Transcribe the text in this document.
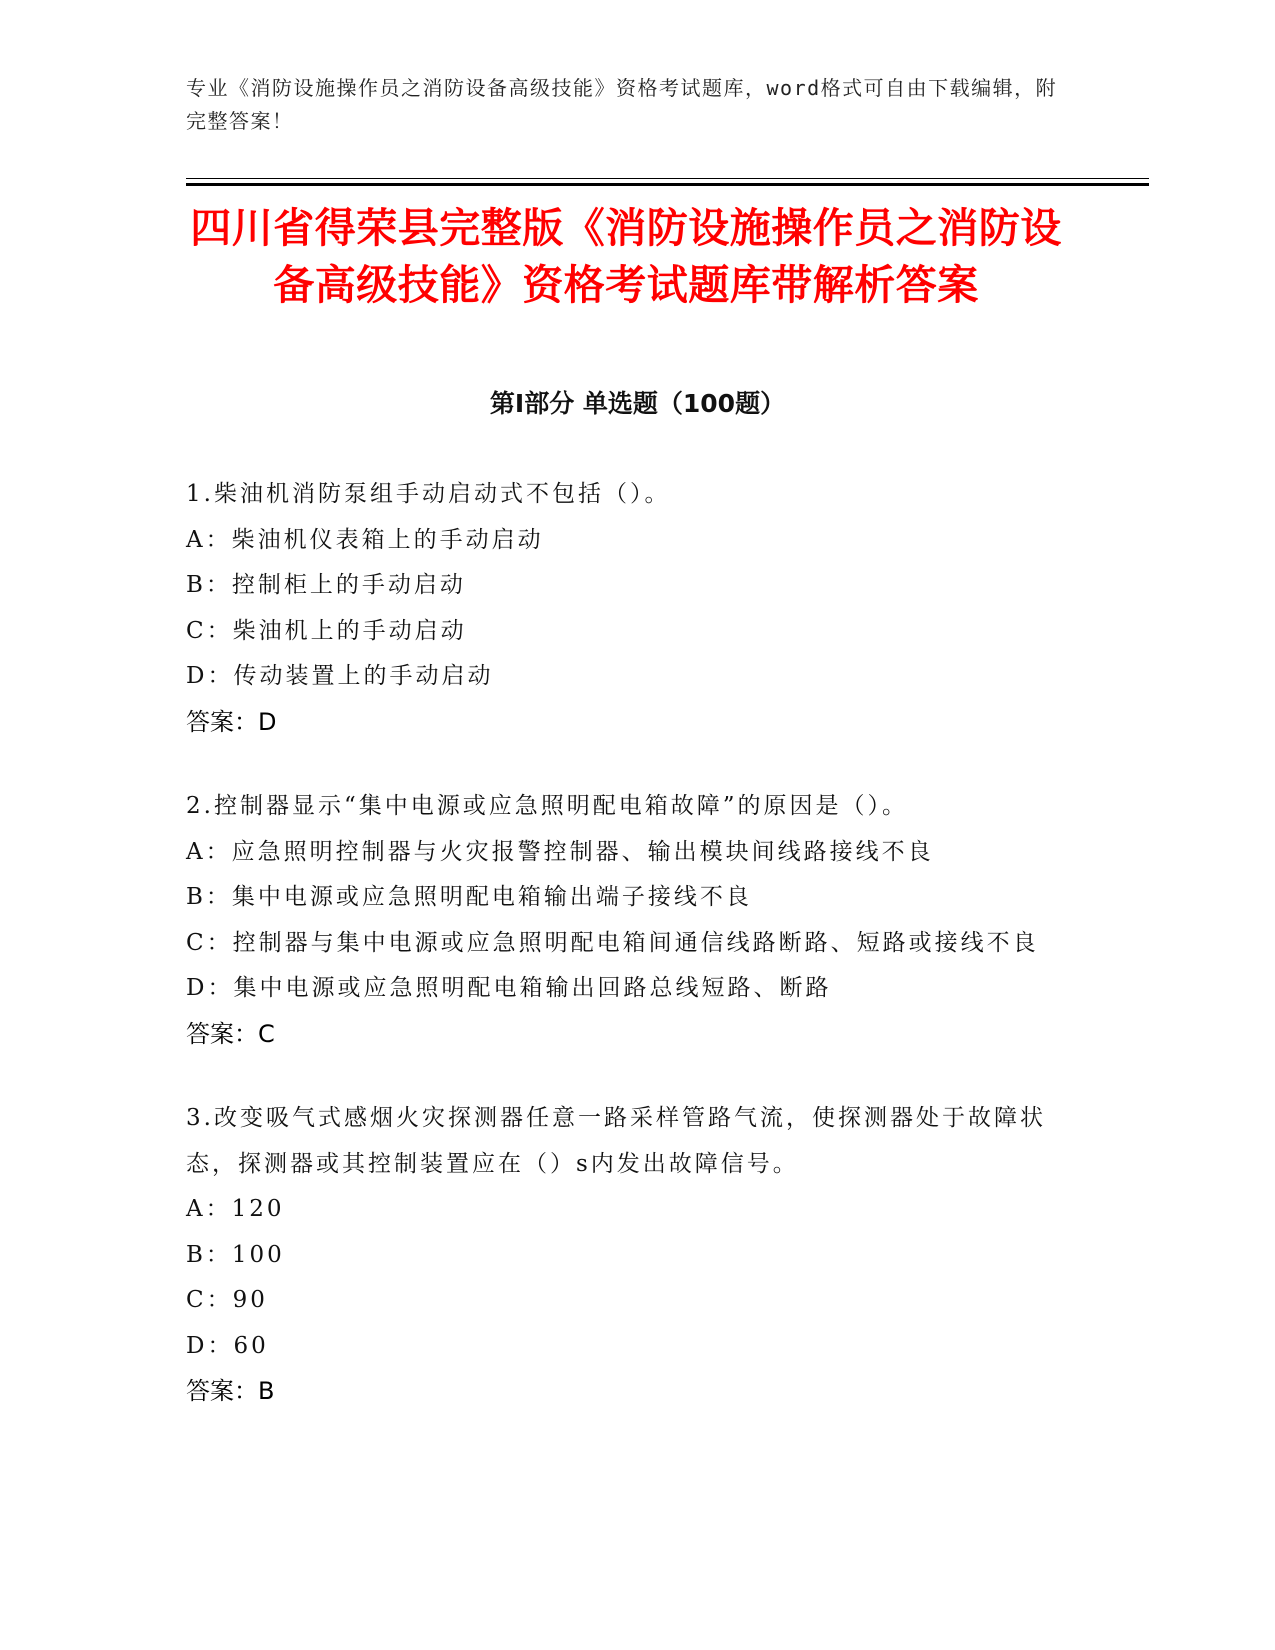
专业《消防设施操作员之消防设备高级技能》资格考试题库，word格式可自由下载编辑，附完整答案！
四川省得荣县完整版《消防设施操作员之消防设备高级技能》资格考试题库带解析答案
第Ⅰ部分 单选题（100题）
1.柴油机消防泵组手动启动式不包括（）。
A：柴油机仪表箱上的手动启动
B：控制柜上的手动启动
C：柴油机上的手动启动
D：传动装置上的手动启动
答案：D
2.控制器显示“集中电源或应急照明配电箱故障”的原因是（）。
A：应急照明控制器与火灾报警控制器、输出模块间线路接线不良
B：集中电源或应急照明配电箱输出端子接线不良
C：控制器与集中电源或应急照明配电箱间通信线路断路、短路或接线不良
D：集中电源或应急照明配电箱输出回路总线短路、断路
答案：C
3.改变吸气式感烟火灾探测器任意一路采样管路气流，使探测器处于故障状态，探测器或其控制装置应在（）s内发出故障信号。
A：120
B：100
C：90
D：60
答案：B
